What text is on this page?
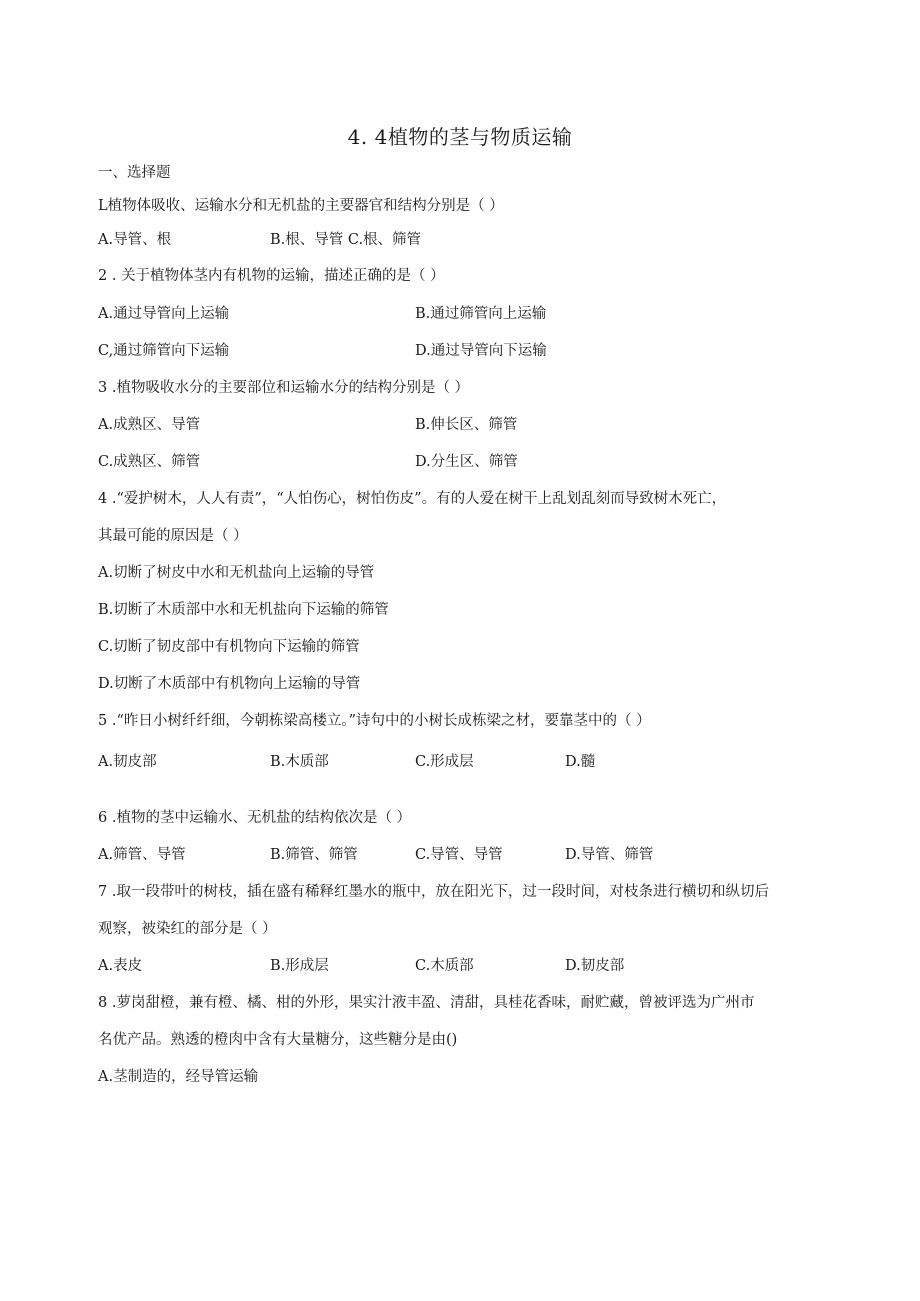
4. 4植物的茎与物质运输
一、选择题
L植物体吸收、运输水分和无机盐的主要器官和结构分别是（ ）
A.导管、根	B.根、导管 C.根、筛管
2 . 关于植物体茎内有机物的运输，描述正确的是（ ）
A.通过导管向上运输	B.通过筛管向上运输
C,通过筛管向下运输	D.通过导管向下运输
3 .植物吸收水分的主要部位和运输水分的结构分别是（ ）
A.成熟区、导管	B.伸长区、筛管
C.成熟区、筛管	D.分生区、筛管
4 .“爱护树木，人人有责”，“人怕伤心，树怕伤皮”。有的人爱在树干上乱划乱刻而导致树木死亡，
其最可能的原因是（ ）
A.切断了树皮中水和无机盐向上运输的导管
B.切断了木质部中水和无机盐向下运输的筛管
C.切断了韧皮部中有机物向下运输的筛管
D.切断了木质部中有机物向上运输的导管
5 .“昨日小树纤纤细，今朝栋梁高楼立。”诗句中的小树长成栋梁之材，要靠茎中的（ ）
A.韧皮部	B.木质部	C.形成层	D.髓
6 .植物的茎中运输水、无机盐的结构依次是（ ）
A.筛管、导管	B.筛管、筛管	C.导管、导管	D.导管、筛管
7 .取一段带叶的树枝，插在盛有稀释红墨水的瓶中，放在阳光下，过一段时间，对枝条进行横切和纵切后
观察，被染红的部分是（ ）
A.表皮	B.形成层	C.木质部	D.韧皮部
8 .萝岗甜橙，兼有橙、橘、柑的外形，果实汁液丰盈、清甜，具桂花香味，耐贮藏，曾被评选为广州市
名优产品。熟透的橙肉中含有大量糖分，这些糖分是由()
A.茎制造的，经导管运输
